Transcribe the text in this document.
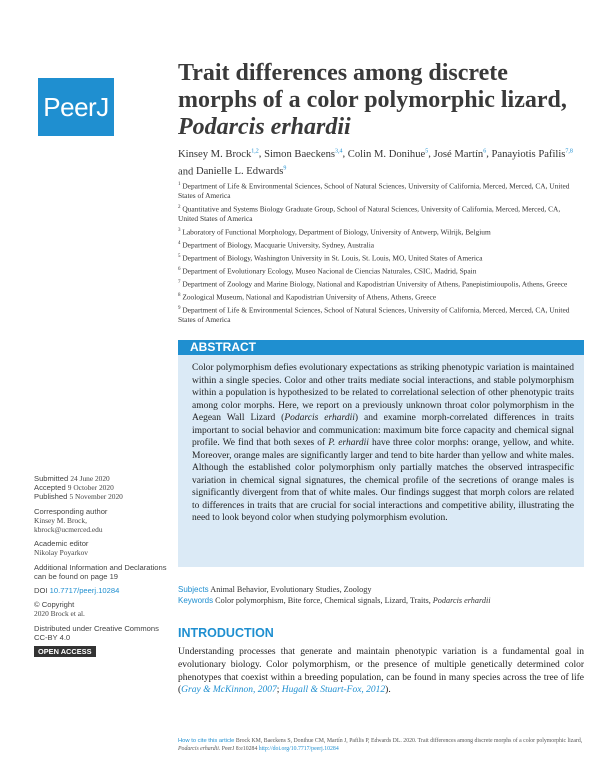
PeerJ
Trait differences among discrete morphs of a color polymorphic lizard, Podarcis erhardii
Kinsey M. Brock$^{1,2}$, Simon Baeckens$^{3,4}$, Colin M. Donihue$^5$, José Martín$^6$, Panayiotis Pafilis$^{7,8}$ and Danielle L. Edwards$^9$
$^1$ Department of Life & Environmental Sciences, School of Natural Sciences, University of California, Merced, Merced, CA, United States of America
$^2$ Quantitative and Systems Biology Graduate Group, School of Natural Sciences, University of California, Merced, Merced, CA, United States of America
$^3$ Laboratory of Functional Morphology, Department of Biology, University of Antwerp, Wilrijk, Belgium
$^4$ Department of Biology, Macquarie University, Sydney, Australia
$^5$ Department of Biology, Washington University in St. Louis, St. Louis, MO, United States of America
$^6$ Department of Evolutionary Ecology, Museo Nacional de Ciencias Naturales, CSIC, Madrid, Spain
$^7$ Department of Zoology and Marine Biology, National and Kapodistrian University of Athens, Panepistimioupolis, Athens, Greece
$^8$ Zoological Museum, National and Kapodistrian University of Athens, Athens, Greece
$^9$ Department of Life & Environmental Sciences, School of Natural Sciences, University of California, Merced, Merced, CA, United States of America
ABSTRACT

Color polymorphism defies evolutionary expectations as striking phenotypic variation is maintained within a single species. Color and other traits mediate social interactions, and stable polymorphism within a population is hypothesized to be related to correlational selection of other phenotypic traits among color morphs. Here, we report on a previously unknown throat color polymorphism in the Aegean Wall Lizard (Podarcis erhardii) and examine morph-correlated differences in traits important to social behavior and communication: maximum bite force capacity and chemical signal profile. We find that both sexes of P. erhardii have three color morphs: orange, yellow, and white. Moreover, orange males are significantly larger and tend to bite harder than yellow and white males. Although the established color polymorphism only partially matches the observed intraspecific variation in chemical signal signatures, the chemical profile of the secretions of orange males is significantly divergent from that of white males. Our findings suggest that morph colors are related to differences in traits that are crucial for social interactions and competitive ability, illustrating the need to look beyond color when studying polymorphism evolution.

Submitted 24 June 2020
Accepted 9 October 2020
Published 5 November 2020
Corresponding author
Kinsey M. Brock,
kbrock@ucmerced.edu
Academic editor
Nikolay Poyarkov
Additional Information and Declarations can be found on page 19
DOI 10.7717/peerj.10284
© Copyright
2020 Brock et al.
Distributed under Creative Commons CC-BY 4.0
OPEN ACCESS
Subjects Animal Behavior, Evolutionary Studies, Zoology
Keywords Color polymorphism, Bite force, Chemical signals, Lizard, Traits, Podarcis erhardii
INTRODUCTION

Understanding processes that generate and maintain phenotypic variation is a fundamental goal in evolutionary biology. Color polymorphism, or the presence of multiple genetically determined color phenotypes that coexist within a breeding population, can be found in many species across the tree of life (Gray & McKinnon, 2007; Hugall & Stuart-Fox, 2012).

How to cite this article Brock KM, Baeckens S, Donihue CM, Martín J, Pafilis P, Edwards DL. 2020. Trait differences among discrete morphs of a color polymorphic lizard, Podarcis erhardii. PeerJ 8:e10284 http://doi.org/10.7717/peerj.10284
